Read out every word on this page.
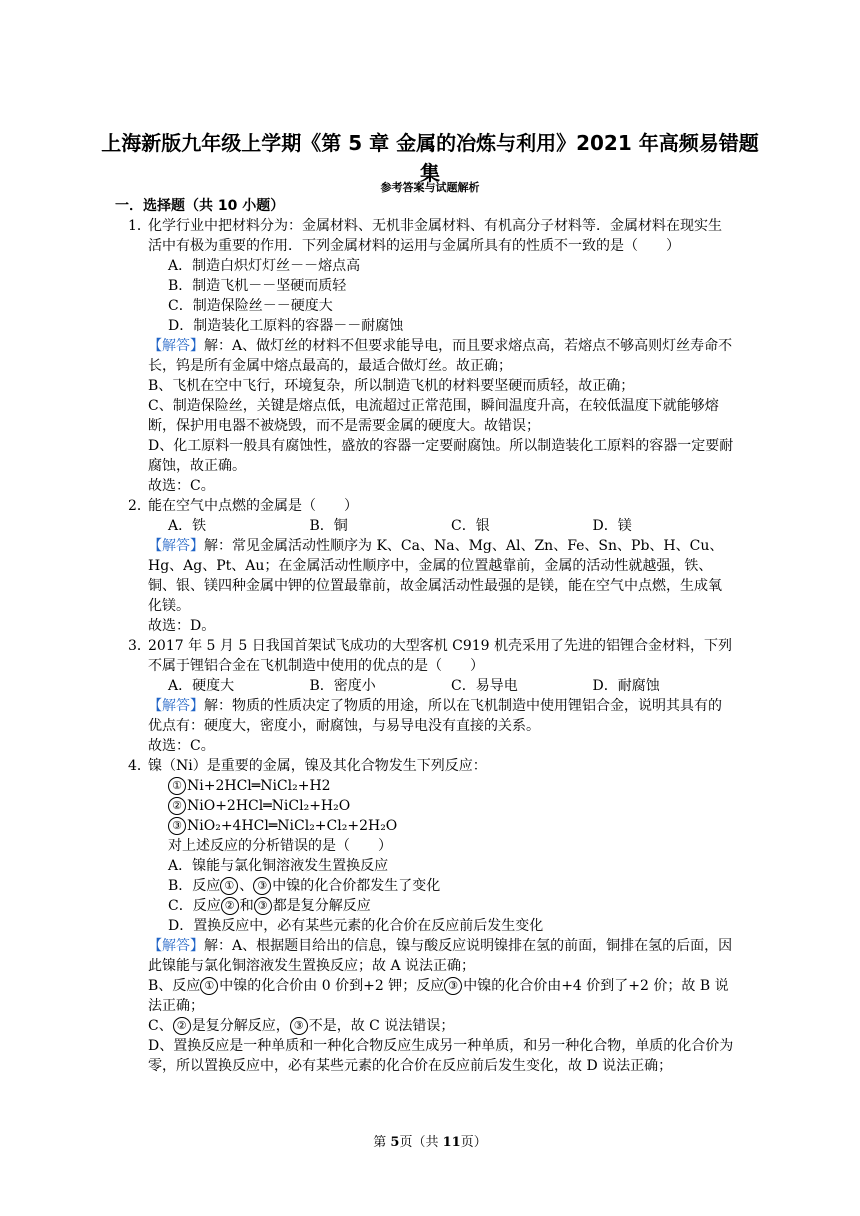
上海新版九年级上学期《第 5 章 金属的冶炼与利用》2021 年高频易错题集
参考答案与试题解析
一．选择题（共 10 小题）
1．
化学行业中把材料分为：金属材料、无机非金属材料、有机高分子材料等．金属材料在现实生活中有极为重要的作用．下列金属材料的运用与金属所具有的性质不一致的是（　　）
A．制造白炽灯灯丝－－熔点高
B．制造飞机－－坚硬而质轻
C．制造保险丝－－硬度大
D．制造装化工原料的容器－－耐腐蚀
【解答】解：A、做灯丝的材料不但要求能导电，而且要求熔点高，若熔点不够高则灯丝寿命不长，钨是所有金属中熔点最高的，最适合做灯丝。故正确；
B、飞机在空中飞行，环境复杂，所以制造飞机的材料要坚硬而质轻，故正确；
C、制造保险丝，关键是熔点低，电流超过正常范围，瞬间温度升高，在较低温度下就能够熔断，保护用电器不被烧毁，而不是需要金属的硬度大。故错误；
D、化工原料一般具有腐蚀性，盛放的容器一定要耐腐蚀。所以制造装化工原料的容器一定要耐腐蚀，故正确。
故选：C。
2．
能在空气中点燃的金属是（　　）
A．铁	B．铜	C．银	D．镁
【解答】解：常见金属活动性顺序为 K、Ca、Na、Mg、Al、Zn、Fe、Sn、Pb、H、Cu、Hg、Ag、Pt、Au；在金属活动性顺序中，金属的位置越靠前，金属的活动性就越强，铁、铜、银、镁四种金属中钾的位置最靠前，故金属活动性最强的是镁，能在空气中点燃，生成氧化镁。
故选：D。
3．
2017 年 5 月 5 日我国首架试飞成功的大型客机 C919 机壳采用了先进的铝锂合金材料，下列不属于锂铝合金在飞机制造中使用的优点的是（　　）
A．硬度大	B．密度小	C．易导电	D．耐腐蚀
【解答】解：物质的性质决定了物质的用途，所以在飞机制造中使用锂铝合金，说明其具有的优点有：硬度大，密度小，耐腐蚀，与易导电没有直接的关系。
故选：C。
4．
镍（Ni）是重要的金属，镍及其化合物发生下列反应：
① Ni+2HCl═NiCl₂+H2
② NiO+2HCl═NiCl₂+H₂O
③ NiO₂+4HCl═NiCl₂+Cl₂+2H₂O
对上述反应的分析错误的是（　　）
A．镍能与氯化铜溶液发生置换反应
B．反应 ① 、 ③ 中镍的化合价都发生了变化
C．反应 ② 和 ③ 都是复分解反应
D．置换反应中，必有某些元素的化合价在反应前后发生变化
【解答】解：A、根据题目给出的信息，镍与酸反应说明镍排在氢的前面，铜排在氢的后面，因此镍能与氯化铜溶液发生置换反应；故 A 说法正确；
B、反应 ① 中镍的化合价由 0 价到+2 钾；反应 ③ 中镍的化合价由+4 价到了+2 价；故 B 说法正确；
C、 ② 是复分解反应， ③ 不是，故 C 说法错误；
D、置换反应是一种单质和一种化合物反应生成另一种单质，和另一种化合物，单质的化合价为零，所以置换反应中，必有某些元素的化合价在反应前后发生变化，故 D 说法正确；
第 5页（共 11页）
